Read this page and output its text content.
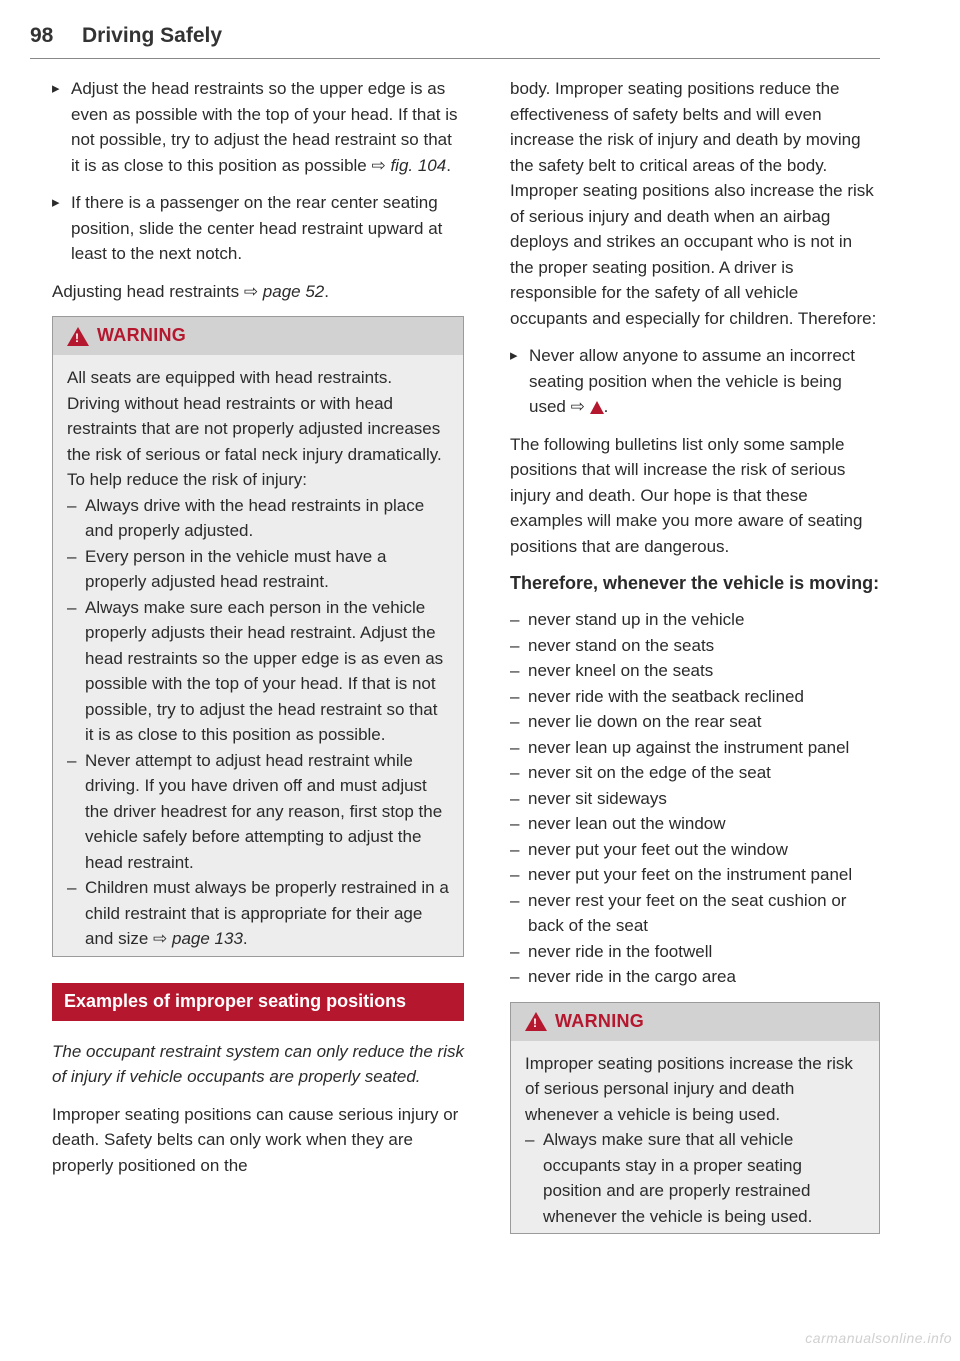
98 Driving Safely

▸ Adjust the head restraints so the upper edge is as even as possible with the top of your head. If that is not possible, try to adjust the head restraint so that it is as close to this position as possible ⇨ fig. 104.

▸ If there is a passenger on the rear center seating position, slide the center head restraint upward at least to the next notch.

Adjusting head restraints ⇨ page 52.

!
WARNING

All seats are equipped with head restraints. Driving without head restraints or with head restraints that are not properly adjusted increases the risk of serious or fatal neck injury dramatically. To help reduce the risk of injury:

– Always drive with the head restraints in place and properly adjusted.
– Every person in the vehicle must have a properly adjusted head restraint.
– Always make sure each person in the vehicle properly adjusts their head restraint. Adjust the head restraints so the upper edge is as even as possible with the top of your head. If that is not possible, try to adjust the head restraint so that it is as close to this position as possible.
– Never attempt to adjust head restraint while driving. If you have driven off and must adjust the driver headrest for any reason, first stop the vehicle safely before attempting to adjust the head restraint.
– Children must always be properly restrained in a child restraint that is appropriate for their age and size ⇨ page 133.
Examples of improper seating positions

The occupant restraint system can only reduce the risk of injury if vehicle occupants are properly seated.

Improper seating positions can cause serious injury or death. Safety belts can only work when they are properly positioned on the

body. Improper seating positions reduce the effectiveness of safety belts and will even increase the risk of injury and death by moving the safety belt to critical areas of the body. Improper seating positions also increase the risk of serious injury and death when an airbag deploys and strikes an occupant who is not in the proper seating position. A driver is responsible for the safety of all vehicle occupants and especially for children. Therefore:

▸ Never allow anyone to assume an incorrect seating position when the vehicle is being used ⇨ .

The following bulletins list only some sample positions that will increase the risk of serious injury and death. Our hope is that these examples will make you more aware of seating positions that are dangerous.

Therefore, whenever the vehicle is moving:
– never stand up in the vehicle
– never stand on the seats
– never kneel on the seats
– never ride with the seatback reclined
– never lie down on the rear seat
– never lean up against the instrument panel
– never sit on the edge of the seat
– never sit sideways
– never lean out the window
– never put your feet out the window
– never put your feet on the instrument panel
– never rest your feet on the seat cushion or back of the seat
– never ride in the footwell
– never ride in the cargo area
!
WARNING

Improper seating positions increase the risk of serious personal injury and death whenever a vehicle is being used.

– Always make sure that all vehicle occupants stay in a proper seating position and are properly restrained whenever the vehicle is being used.
carmanualsonline.info
